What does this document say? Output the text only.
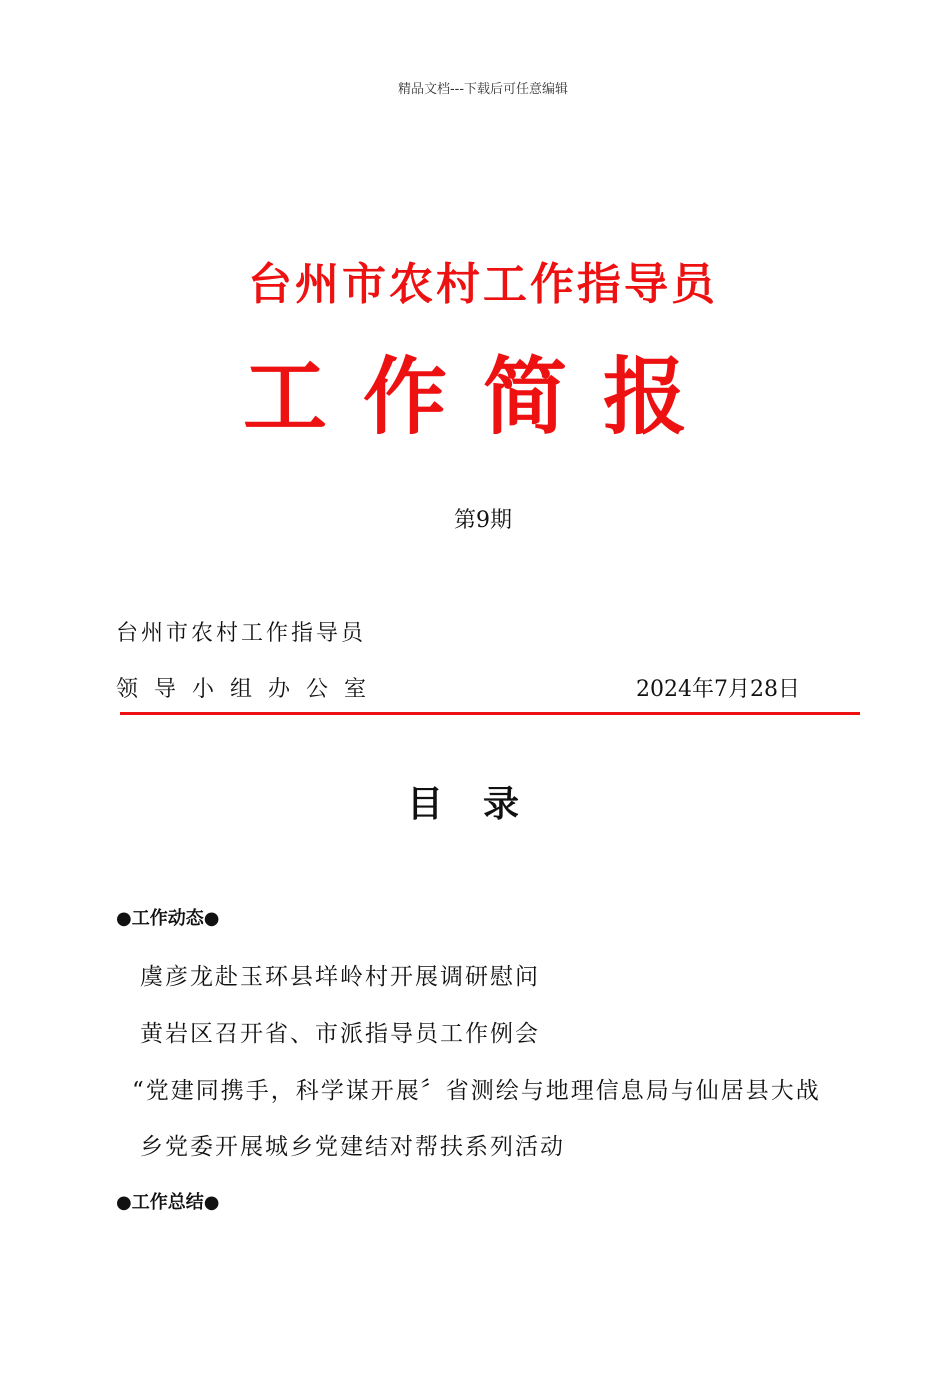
精品文档---下载后可任意编辑
台州市农村工作指导员
工作简报
第9期
台州市农村工作指导员
领导小组办公室	2024年7月28日
目录
●工作动态●
虞彦龙赴玉环县垟岭村开展调研慰问
黄岩区召开省、市派指导员工作例会
“党建同携手，科学谋开展〞省测绘与地理信息局与仙居县大战
乡党委开展城乡党建结对帮扶系列活动
●工作总结●
